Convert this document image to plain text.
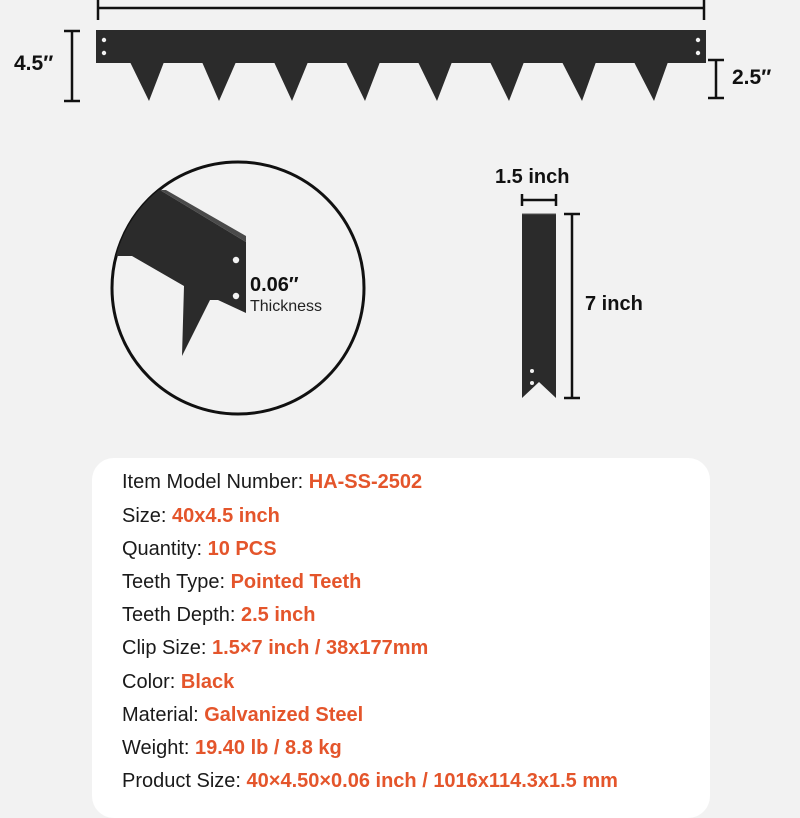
4.5′′
2.5′′
0.06′′
Thickness
1.5 inch
7 inch
Item Model Number: HA-SS-2502
Size: 40x4.5 inch
Quantity: 10 PCS
Teeth Type: Pointed Teeth
Teeth Depth: 2.5 inch
Clip Size: 1.5×7 inch / 38x177mm
Color: Black
Material: Galvanized Steel
Weight: 19.40 lb / 8.8 kg
Product Size: 40×4.50×0.06 inch / 1016x114.3x1.5 mm
